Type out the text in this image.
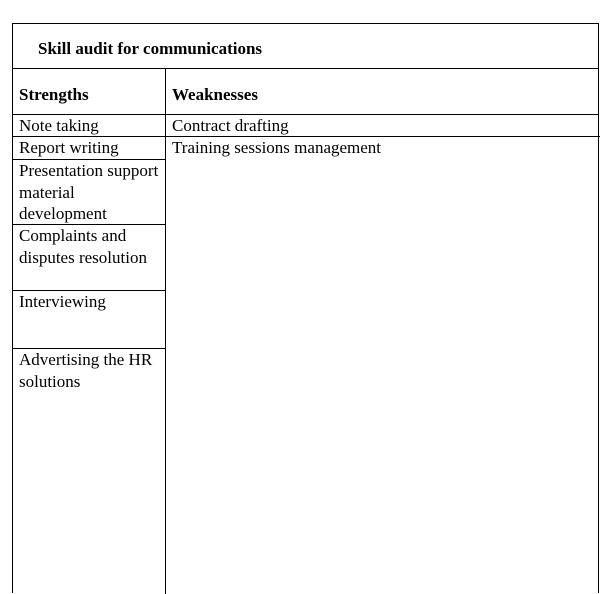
Skill audit for communications
Strengths	Weaknesses
Note taking
Report writing
Presentation support material development
Complaints and disputes resolution
Interviewing
Advertising the HR solutions
Contract drafting
Training sessions management
